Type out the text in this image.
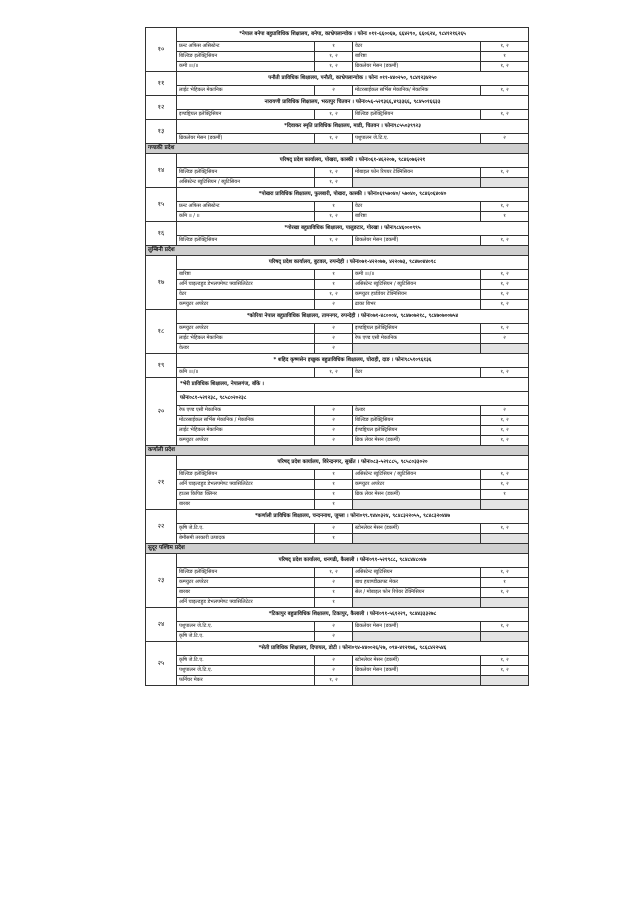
१०	*नेपाल बनेपा बहुप्राविधिक शिक्षालय, बनेपा, काभ्रेपलान्चोक । फोनः ०११-६६००६७, ६६४२९०, ६६०६२४, ९८४१२१६२६५			
	फ्रन्ट अफिस असिस्टेन्ट	१	वेटर	१, २
	बिल्डिङ इलेक्ट्रिसियन	१, २	बारिष्टा	१
	कमी ॥।/॥	१, २	ब्रिकलेयर मेसन (डकर्मी)	१, २
११	पनौती प्राविधिक शिक्षालय, पनौती, काभ्रेपलान्चोक । फोनः ०११-४४०२५०, ९८४१२३४२५०			
	लाईट भेहिकल मेकानिक	२	मोटरसाईकल सर्भिस मेकानिक/ मेकानिक	१, २
१२	नारायणी प्राविधिक शिक्षालय, भरतपुर चितवन । फोनः०५६-५२१३६६,४९३३६६, ९८४५०१६६३३			
	इण्डष्ट्रियल इलेक्ट्रिसियन	१, २	बिल्डिङ इलेक्ट्रिसियन	१, २
१३	*दिवाकर स्मृति प्राविधिक शिक्षालय, माडी, चितवन । फोनः९८५५०३९९२३			
	ब्रिकलेयर मेसन (डकर्मी)	१, २	पशुपालन जे.टि.ए.	२
गण्डकी प्रदेश				
१४	परिषद् प्रदेश कार्यालय, पोखरा, कास्की । फोनः०६१-४६२२०७, ९८४६०७६२२१			
	बिल्डिङ इलेक्ट्रिसियन	१, २	मोबाइल फोन रिपयर टेक्निसियन	१, २
	असिस्टेन्ट ब्युटिसियन / ब्युटिसियन	१, २		
१५	*पोखरा प्राविधिक शिक्षालय, फुलबारी, पोखरा, कास्की । फोनः०६१५७०४०/ ५७०४०, ९८४६०६४०४०			
	फ्रन्ट अफिस असिस्टेन्ट	१	वेटर	१, २
	कमि ॥ / ॥	१, २	बारिष्टा	१
१६	*गोरखा बहुप्राविधिक शिक्षालय, पालुङटार, गोरखा । फोनः९८४६०००९९५			
	बिल्डिङ इलेक्ट्रिसियन	१, २	ब्रिकलेयर मेसन (डकर्मी)	१, २
लुम्बिनी प्रदेश				
१७	परिषद् प्रदेश कार्यालय, बुटवल, रुपन्देही । फोनः०७१-४२२०७७, ४२२०७३, ९८४७०४४०१८			
	बारिष्टा	१	कमी ॥।/॥	१, २
	अर्नि चाइल्डहुड डेभलपमेण्ट फ्यासिलिटेटर	१	असिस्टेन्ट ब्युटिसियन / ब्युटिसियन	१, २
	वेटर	१, २	कम्प्युटर हार्डवेयर टेक्निसियन	१, २
	कम्प्युटर अपरेटर	२	ढाका बिभर	१, २
१८	*कोरिया नेपाल बहुप्राविधिक शिक्षालय, तामनगर, रुपन्देही । फोनः०७१-४८०००४, ९८४७०७२१८, ९८४७०७००७५४			
	कम्प्युटर अपरेटर	२	इण्डष्ट्रियल इलेक्ट्रिसियन	१, २
	लाईट भेहिकल मेकानिक	२	रेफ एण्ड एसी मेकानिक	२
	वेल्डर	२		
१९	* शहिद कृष्णसेन इच्छुक बहुप्राविधिक शिक्षालय, घोराही, दाङ । फोनः९८५१०९६१३६			
	कमि ॥।/॥	१, २	वेटर	१, २
२०	*भेरी प्राविधिक शिक्षालय, नेपालगंज, बाँके ।			
	फोनः०८१-५२१२३८, ९८५८०२०२३८			
	रेफ एण्ड एसी मेकानिक	२	वेल्डर	२
	मोटरसाईकल सर्भिस मेकानिक / मेकानिक	२	बिल्डिङ इलेक्ट्रिसियन	१, २
	लाईट भेहिकल मेकानिक	२	ईण्डष्ट्रियल इलेक्ट्रिसियन	१, २
	कम्प्युटर अपरेटर	२	ब्रिक लेयर मेसन (डकर्मी)	१, २
कर्णाली प्रदेश				
२१	परिषद् प्रदेश कार्यालय, विरेन्द्रनगर, सुर्खेत । फोनः०८३-५२१८८५, ९८५८०३३०२०			
	बिल्डिङ इलेक्ट्रिसियन	१	असिस्टेन्ट ब्युटिसियन / ब्युटिसियन	१, २
	अर्नि चाइल्डहुड डेभलपमेण्ट फ्यासिलिटेटर	१	कम्प्युटर अपरेटर	१, २
	हाउस किपिङ क्लिनर	१	ब्रिक लेयर मेसन (डकर्मी)	१
	बारबर	१		
२२	*कर्णाली प्राविधिक शिक्षालय, चन्दननाथ, जुम्ला । फोनः०९९.९४४०३२४, ९८४८३२२०५५, ९८४८३२०४४७			
	कृषि जे.टि.ए.	२	स्टोनलेयर मेसन (डकर्मी)	१, २
	बेमौसमी तरकारी उत्पादक	१		
सुदूर पश्चिम प्रदेश				
२३	परिषद् प्रदेश कार्यालय, धनगढी, कैलाली । फोनः०९१-५२१९८८, ९८४८४४८०४७			
	बिल्डिङ इलेक्ट्रिसियन	१, २	असिस्टेन्ट ब्युटिसियन	१, २
	कम्प्युटर अपरेटर	२	बाथ हयाण्डीक्राफ्ट मेकर	१
	बारबर	१	सेल / मोबाइल फोन रिपेयर टेक्निसियन	१, २
	अर्नि चाइल्डहुड डेभलपमेण्ट फ्यासिलिटेटर	१		
२४	*टिकापुर बहुप्राविधिक शिक्षालय, टिकापुर, कैलाली । फोनः०९१-५६१२२९, ९८४४३३३२७८			
	पशुपालन जे.टि.ए.	२	ब्रिकलेयर मेसन (डकर्मी)	१, २
	कृषि जे.टि.ए.	२		
२५	*सेती प्राविधिक शिक्षालय, दिपायल, डोटी । फोनः०९४-४४००२६/२७, ०९४-४१२१७६, ९८६८४२२५४६			
	कृषि जे.टि.ए.	२	स्टोनलेयर मेसन (डकर्मी)	१, २
	पशुपालन जे.टि.ए.	२	ब्रिकलेयर मेसन (डकर्मी)	१, २
	फर्निचर मेकर	१, २		
